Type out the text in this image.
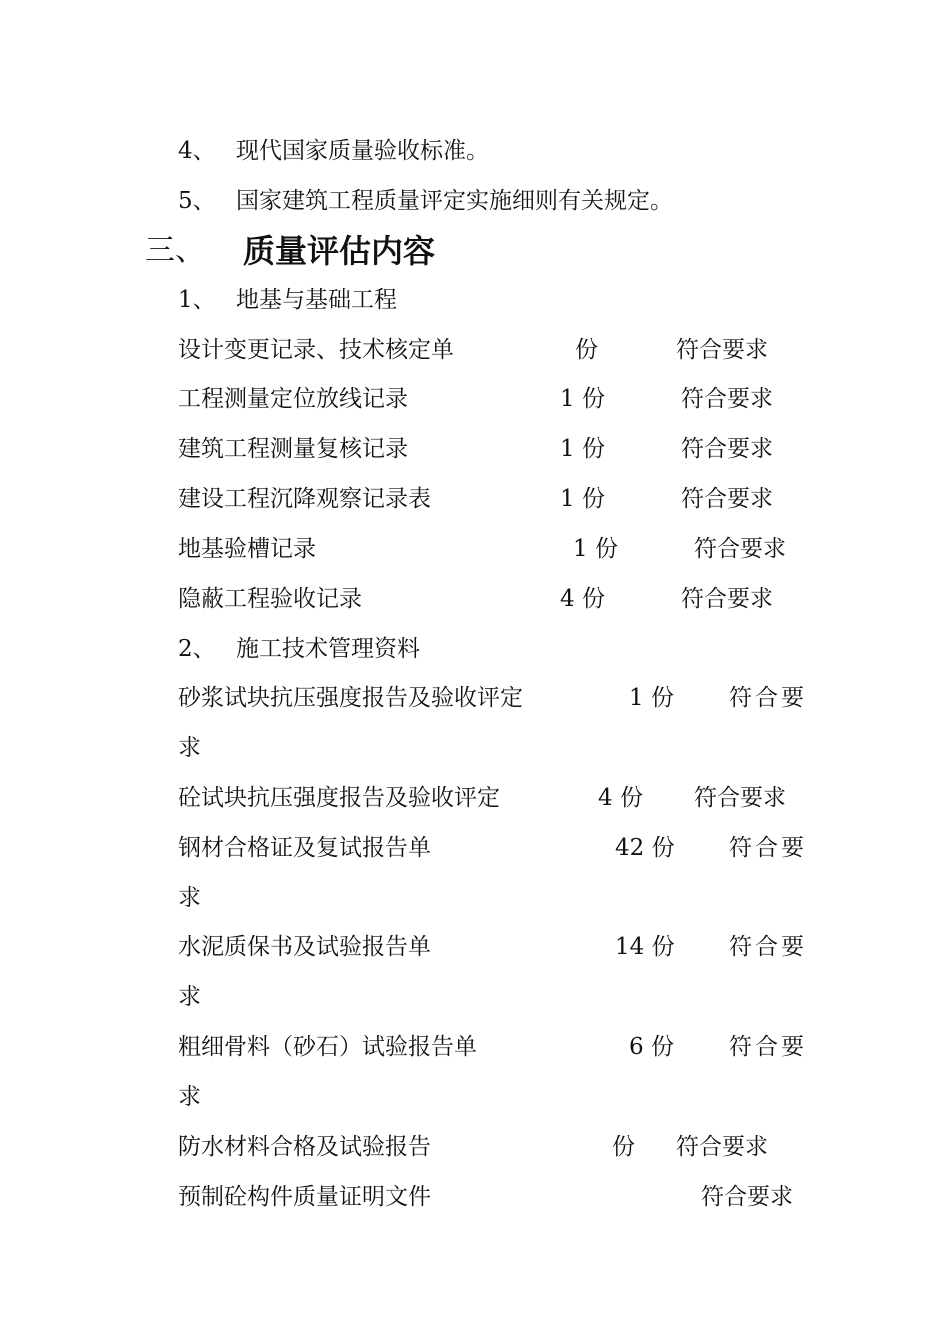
4、 现代国家质量验收标准。
5、 国家建筑工程质量评定实施细则有关规定。
三、 质量评估内容
1、 地基与基础工程
设计变更记录、技术核定单	份	符合要求
工程测量定位放线记录	1 份	符合要求
建筑工程测量复核记录	1 份	符合要求
建设工程沉降观察记录表	1 份	符合要求
地基验槽记录	1 份	符合要求
隐蔽工程验收记录	4 份	符合要求
2、 施工技术管理资料
砂浆试块抗压强度报告及验收评定	1 份 符合要
求
砼试块抗压强度报告及验收评定	4 份 符合要求
钢材合格证及复试报告单	42 份 符合要
求
水泥质保书及试验报告单	14 份 符合要
求
粗细骨料（砂石）试验报告单	6 份 符合要
求
防水材料合格及试验报告	份 符合要求
预制砼构件质量证明文件	符合要求
